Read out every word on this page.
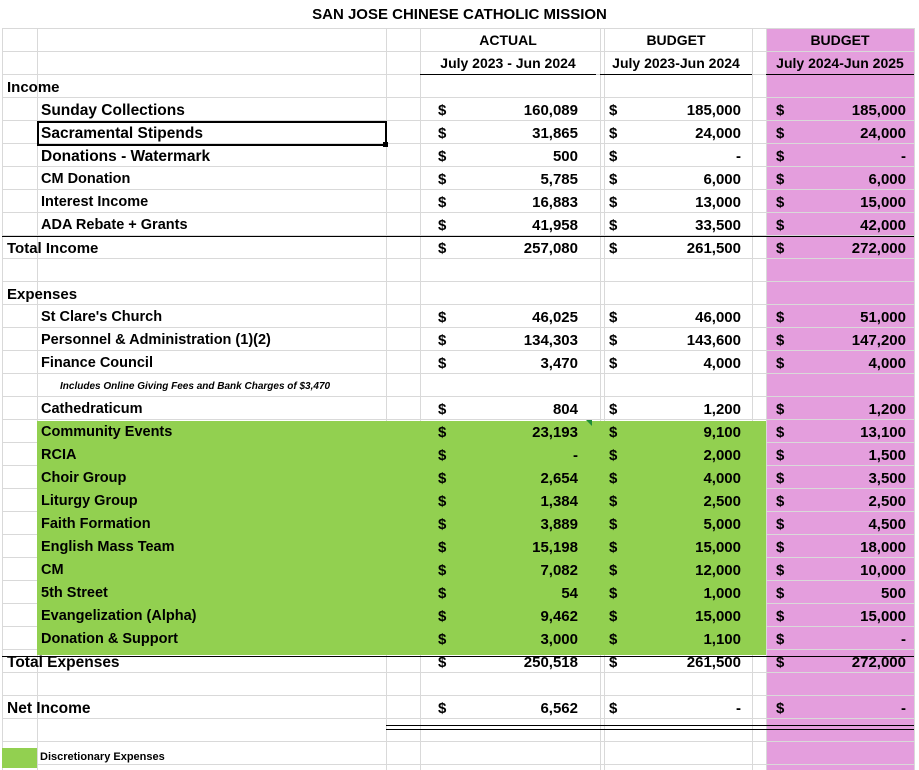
SAN JOSE CHINESE CATHOLIC MISSION
ACTUAL
July 2023 - Jun 2024
BUDGET
July 2023-Jun 2024
BUDGET
July 2024-Jun 2025
Income
Sunday Collections	$	160,089 $	185,000 $	185,000
Sacramental Stipends	$	31,865 $	24,000 $	24,000
Donations - Watermark	$	500 $	- $	-
CM Donation	$	5,785 $	6,000 $	6,000
Interest Income	$	16,883 $	13,000 $	15,000
ADA Rebate + Grants	$	41,958 $	33,500 $	42,000
Total Income	$	257,080 $	261,500 $	272,000
Expenses
St Clare's Church	$	46,025 $	46,000 $	51,000
Personnel & Administration (1)(2)	$	134,303 $	143,600 $	147,200
Finance Council	$	3,470 $	4,000 $	4,000
Includes Online Giving Fees and Bank Charges of $3,470
Cathedraticum	$	804 $	1,200 $	1,200
Community Events	$	23,193 $	9,100 $	13,100
RCIA	$	- $	2,000 $	1,500
Choir Group	$	2,654 $	4,000 $	3,500
Liturgy Group	$	1,384 $	2,500 $	2,500
Faith Formation	$	3,889 $	5,000 $	4,500
English Mass Team	$	15,198 $	15,000 $	18,000
CM	$	7,082 $	12,000 $	10,000
5th Street	$	54 $	1,000 $	500
Evangelization (Alpha)	$	9,462 $	15,000 $	15,000
Donation & Support	$	3,000 $	1,100 $	-
Total Expenses	$	250,518 $	261,500 $	272,000
Net Income	$	6,562 $	- $	-
Discretionary Expenses
